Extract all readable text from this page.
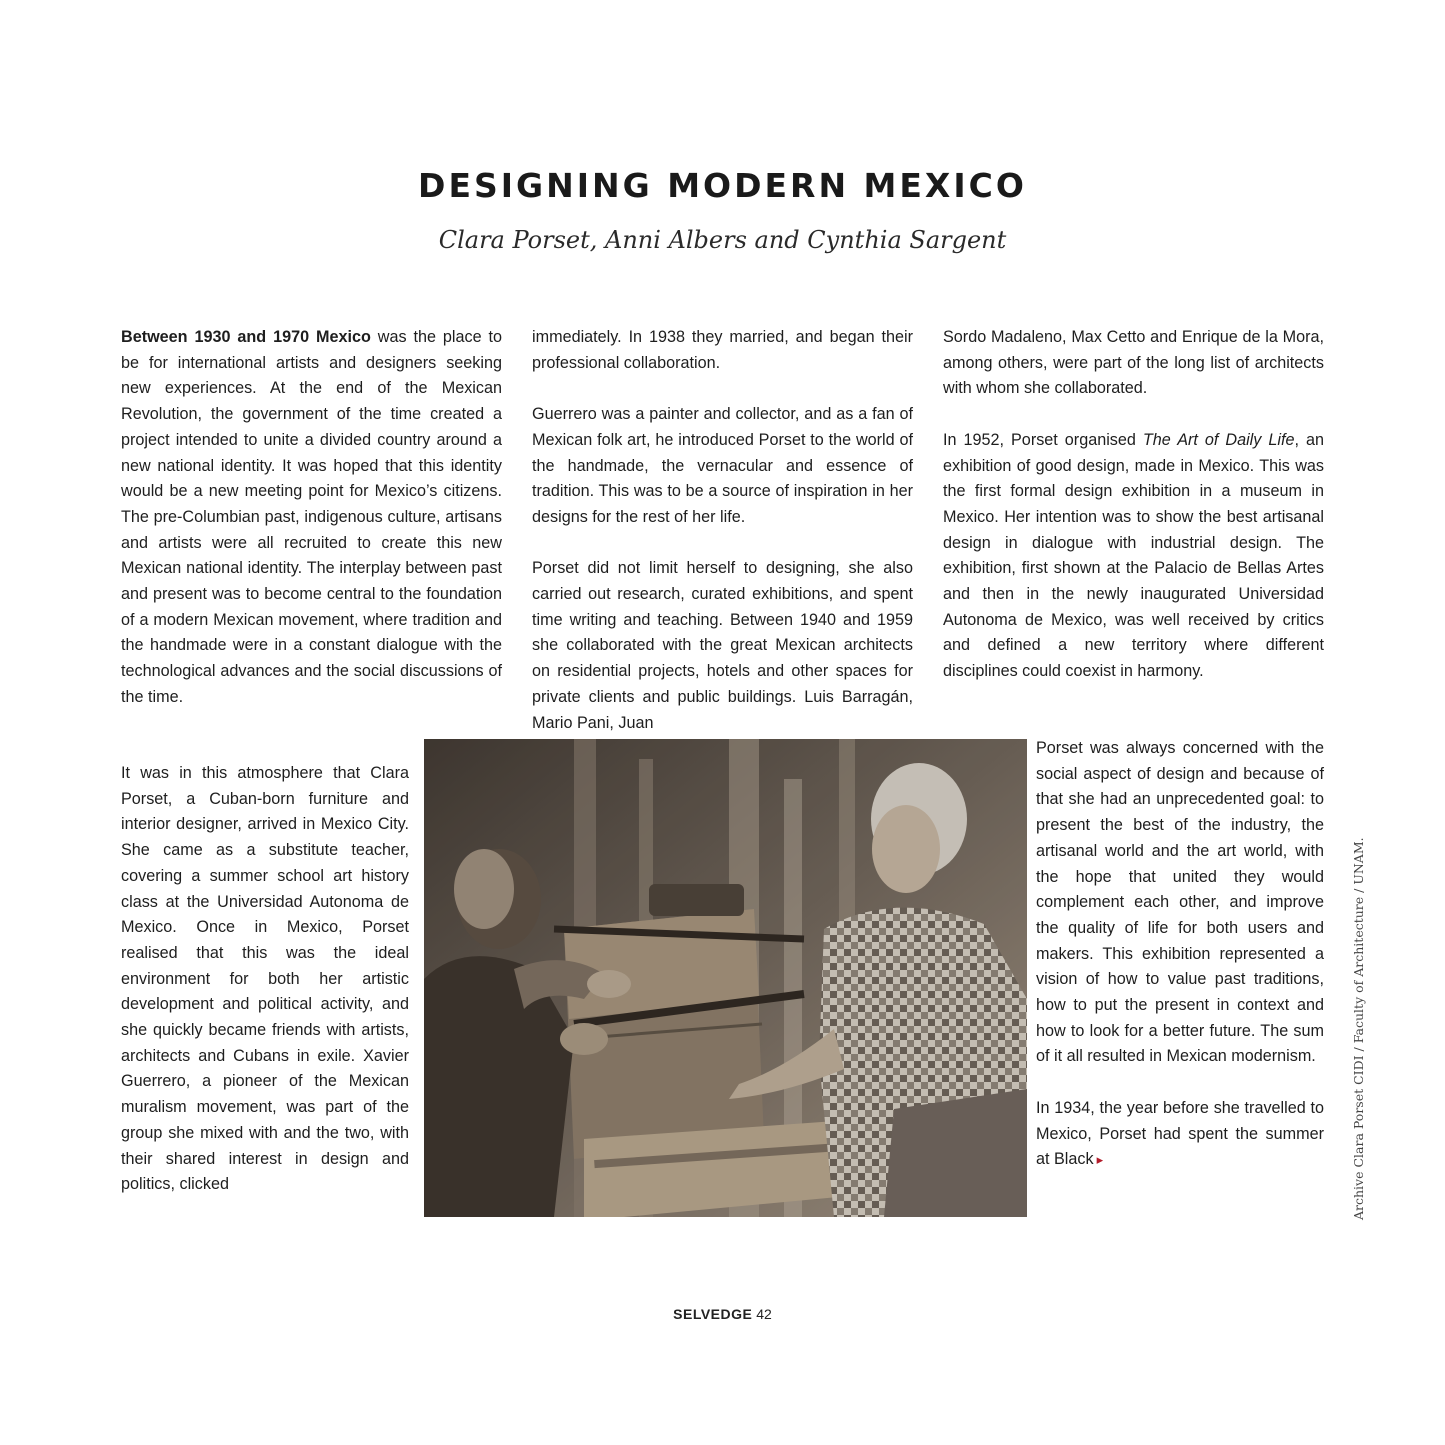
DESIGNING MODERN MEXICO
Clara Porset, Anni Albers and Cynthia Sargent

Between 1930 and 1970 Mexico was the place to be for international artists and designers seeking new experiences. At the end of the Mexican Revolution, the government of the time created a project intended to unite a divided country around a new national identity. It was hoped that this identity would be a new meeting point for Mexico’s citizens. The pre-Columbian past, indigenous culture, artisans and artists were all recruited to create this new Mexican national identity. The interplay between past and present was to become central to the foundation of a modern Mexican movement, where tradition and the handmade were in a constant dialogue with the technological advances and the social discussions of the time.

It was in this atmosphere that Clara Porset, a Cuban-born furniture and interior designer, arrived in Mexico City. She came as a substitute teacher, covering a summer school art history class at the Universidad Autonoma de Mexico. Once in Mexico, Porset realised that this was the ideal environment for both her artistic development and political activity, and she quickly became friends with artists, architects and Cubans in exile. Xavier Guerrero, a pioneer of the Mexican muralism movement, was part of the group she mixed with and the two, with their shared interest in design and politics, clicked

immediately. In 1938 they married, and began their professional collaboration.

Guerrero was a painter and collector, and as a fan of Mexican folk art, he introduced Porset to the world of the handmade, the vernacular and essence of tradition. This was to be a source of inspiration in her designs for the rest of her life.

Porset did not limit herself to designing, she also carried out research, curated exhibitions, and spent time writing and teaching. Between 1940 and 1959 she collaborated with the great Mexican architects on residential projects, hotels and other spaces for private clients and public buildings. Luis Barragán, Mario Pani, Juan

Sordo Madaleno, Max Cetto and Enrique de la Mora, among others, were part of the long list of architects with whom she collaborated.

In 1952, Porset organised The Art of Daily Life, an exhibition of good design, made in Mexico. This was the first formal design exhibition in a museum in Mexico. Her intention was to show the best artisanal design in dialogue with industrial design. The exhibition, first shown at the Palacio de Bellas Artes and then in the newly inaugurated Universidad Autonoma de Mexico, was well received by critics and defined a new territory where different disciplines could coexist in harmony.

Porset was always concerned with the social aspect of design and because of that she had an unprecedented goal: to present the best of the industry, the artisanal world and the art world, with the hope that united they would complement each other, and improve the quality of life for both users and makers. This exhibition represented a vision of how to value past traditions, how to put the present in context and how to look for a better future. The sum of it all resulted in Mexican modernism.

In 1934, the year before she travelled to Mexico, Porset had spent the summer at Black ▸	Archive Clara Porset CIDI / Faculty of Architecture / UNAM.
SELVEDGE 42
